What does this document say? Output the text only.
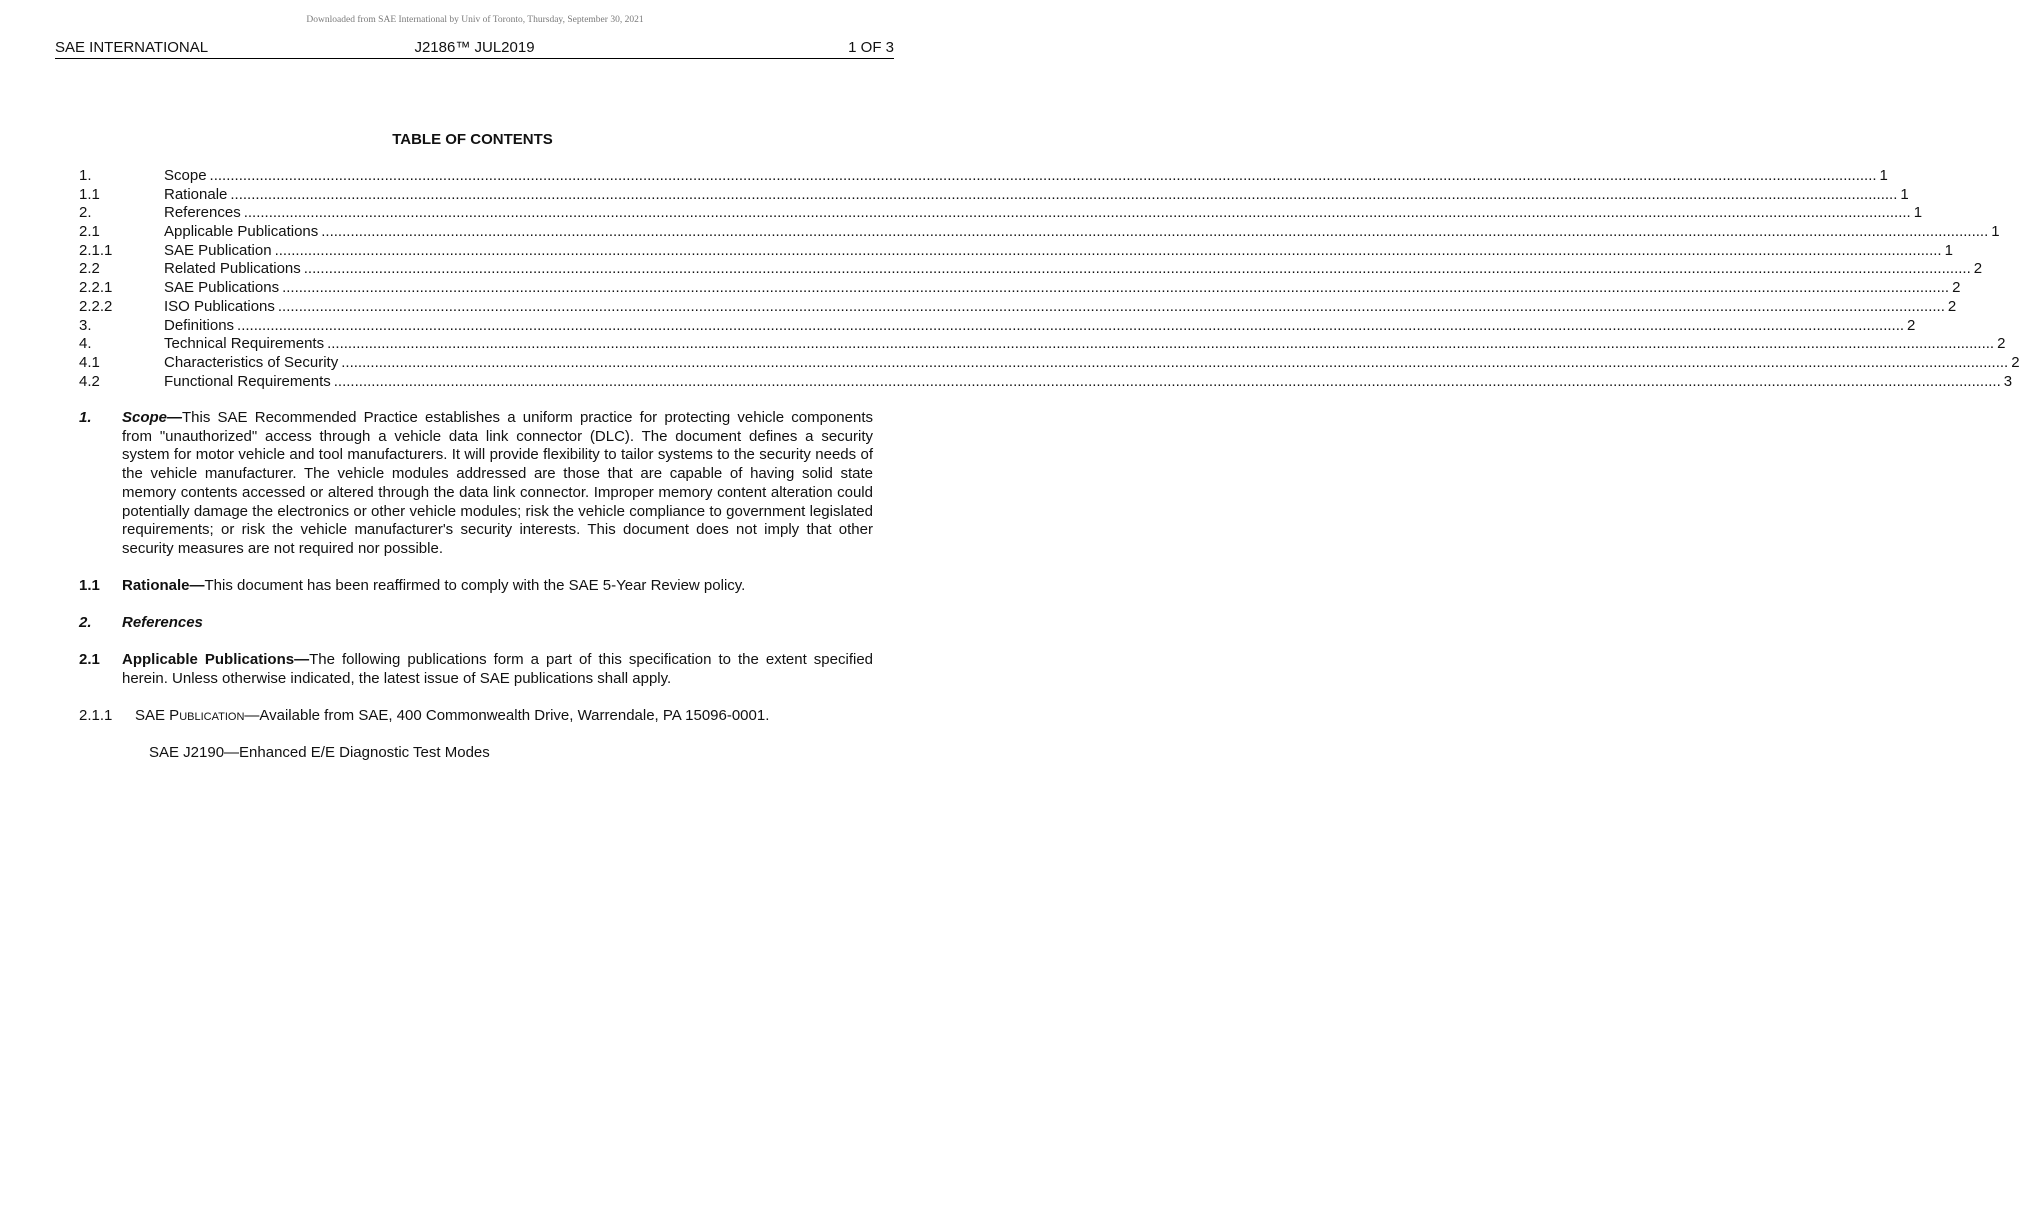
Downloaded from SAE International by Univ of Toronto, Thursday, September 30, 2021
SAE INTERNATIONAL	J2186™ JUL2019	1 OF 3
TABLE OF CONTENTS
1.	Scope ................................................................................................................................................................................................................................................................................................................................................................................................................ 1
1.1	Rationale ................................................................................................................................................................................................................................................................................................................................................................................................................ 1
2.	References ................................................................................................................................................................................................................................................................................................................................................................................................................ 1
2.1	Applicable Publications ................................................................................................................................................................................................................................................................................................................................................................................................................ 1
2.1.1	SAE Publication ................................................................................................................................................................................................................................................................................................................................................................................................................ 1
2.2	Related Publications ................................................................................................................................................................................................................................................................................................................................................................................................................ 2
2.2.1	SAE Publications ................................................................................................................................................................................................................................................................................................................................................................................................................ 2
2.2.2	ISO Publications ................................................................................................................................................................................................................................................................................................................................................................................................................ 2
3.	Definitions ................................................................................................................................................................................................................................................................................................................................................................................................................ 2
4.	Technical Requirements ................................................................................................................................................................................................................................................................................................................................................................................................................ 2
4.1	Characteristics of Security ................................................................................................................................................................................................................................................................................................................................................................................................................ 2
4.2	Functional Requirements ................................................................................................................................................................................................................................................................................................................................................................................................................ 3
1. Scope—This SAE Recommended Practice establishes a uniform practice for protecting vehicle components from "unauthorized" access through a vehicle data link connector (DLC). The document defines a security system for motor vehicle and tool manufacturers. It will provide flexibility to tailor systems to the security needs of the vehicle manufacturer. The vehicle modules addressed are those that are capable of having solid state memory contents accessed or altered through the data link connector. Improper memory content alteration could potentially damage the electronics or other vehicle modules; risk the vehicle compliance to government legislated requirements; or risk the vehicle manufacturer's security interests. This document does not imply that other security measures are not required nor possible.
1.1 Rationale—This document has been reaffirmed to comply with the SAE 5-Year Review policy.
2. References
2.1 Applicable Publications—The following publications form a part of this specification to the extent specified herein. Unless otherwise indicated, the latest issue of SAE publications shall apply.
2.1.1 SAE Publication—Available from SAE, 400 Commonwealth Drive, Warrendale, PA 15096-0001.
SAE J2190—Enhanced E/E Diagnostic Test Modes
